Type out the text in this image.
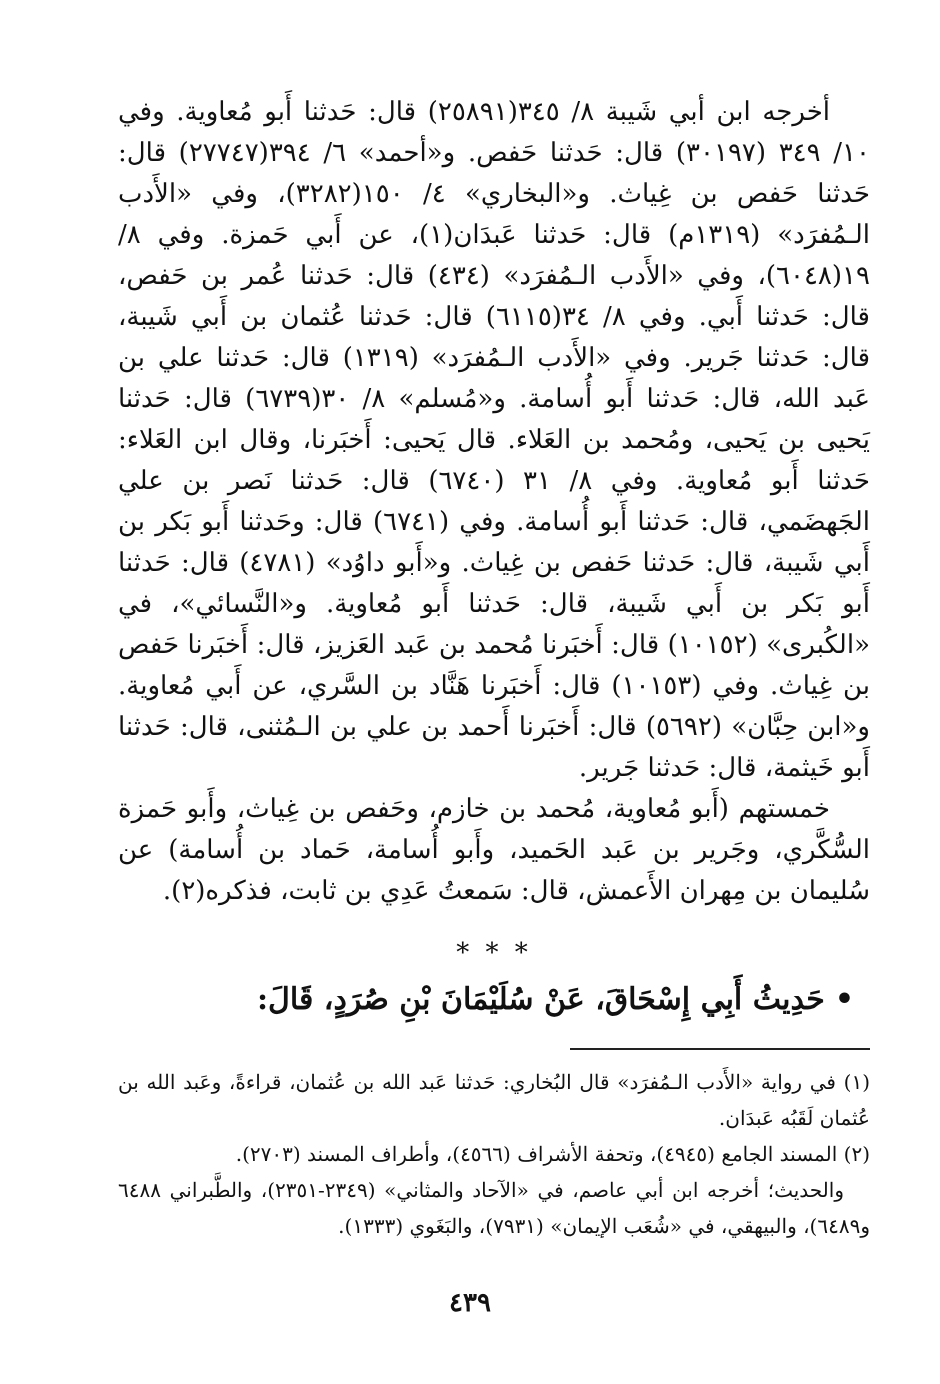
أخرجه ابن أبي شَيبة ٨/ ٣٤٥(٢٥٨٩١) قال: حَدثنا أَبو مُعاوية. وفي ١٠/ ٣٤٩ (٣٠١٩٧) قال: حَدثنا حَفص. و«أحمد» ٦/ ٣٩٤(٢٧٧٤٧) قال: حَدثنا حَفص بن غِياث. و«البخاري» ٤/ ١٥٠(٣٢٨٢)، وفي «الأَدب الـمُفرَد» (١٣١٩م) قال: حَدثنا عَبدَان(١)، عن أَبي حَمزة. وفي ٨/ ١٩(٦٠٤٨)، وفي «الأَدب الـمُفرَد» (٤٣٤) قال: حَدثنا عُمر بن حَفص، قال: حَدثنا أَبي. وفي ٨/ ٣٤(٦١١٥) قال: حَدثنا عُثمان بن أَبي شَيبة، قال: حَدثنا جَرير. وفي «الأَدب الـمُفرَد» (١٣١٩) قال: حَدثنا علي بن عَبد الله، قال: حَدثنا أَبو أُسامة. و«مُسلم» ٨/ ٣٠(٦٧٣٩) قال: حَدثنا يَحيى بن يَحيى، ومُحمد بن العَلاء. قال يَحيى: أَخبَرنا، وقال ابن العَلاء: حَدثنا أَبو مُعاوية. وفي ٨/ ٣١ (٦٧٤٠) قال: حَدثنا نَصر بن علي الجَهضَمي، قال: حَدثنا أَبو أُسامة. وفي (٦٧٤١) قال: وحَدثنا أَبو بَكر بن أَبي شَيبة، قال: حَدثنا حَفص بن غِياث. و«أَبو داوُد» (٤٧٨١) قال: حَدثنا أَبو بَكر بن أَبي شَيبة، قال: حَدثنا أَبو مُعاوية. و«النَّسائي»، في «الكُبرى» (١٠١٥٢) قال: أَخبَرنا مُحمد بن عَبد العَزيز، قال: أَخبَرنا حَفص بن غِياث. وفي (١٠١٥٣) قال: أَخبَرنا هَنَّاد بن السَّري، عن أَبي مُعاوية. و«ابن حِبَّان» (٥٦٩٢) قال: أَخبَرنا أَحمد بن علي بن الـمُثنى، قال: حَدثنا أَبو خَيثمة، قال: حَدثنا جَرير.

خمستهم (أَبو مُعاوية، مُحمد بن خازم، وحَفص بن غِياث، وأَبو حَمزة السُّكَّري، وجَرير بن عَبد الحَميد، وأَبو أُسامة، حَماد بن أُسامة) عن سُليمان بن مِهران الأَعمش، قال: سَمعتُ عَدِي بن ثابت، فذكره(٢).

* * *
•حَدِيثُ أَبِي إِسْحَاقَ، عَنْ سُلَيْمَانَ بْنِ صُرَدٍ، قَالَ:

(١) في رواية «الأَدب الـمُفرَد» قال البُخاري: حَدثنا عَبد الله بن عُثمان، قراءةً، وعَبد الله بن عُثمان لَقَبُه عَبدَان.

(٢) المسند الجامع (٤٩٤٥)، وتحفة الأشراف (٤٥٦٦)، وأطراف المسند (٢٧٠٣).

والحديث؛ أخرجه ابن أبي عاصم، في «الآحاد والمثاني» (٢٣٤٩-٢٣٥١)، والطَّبراني ٦٤٨٨ و٦٤٨٩)، والبيهقي، في «شُعَب الإيمان» (٧٩٣١)، والبَغَوي (١٣٣٣).

٤٣٩
